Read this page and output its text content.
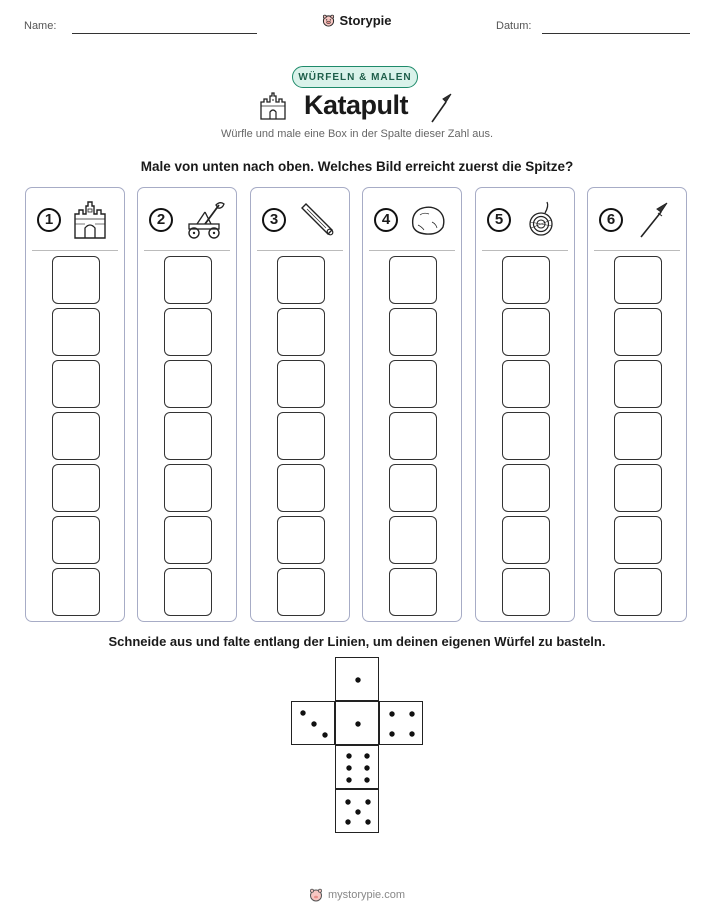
Name:	Storypie	Datum:
WÜRFELN & MALEN
Katapult
Würfle und male eine Box in der Spalte dieser Zahl aus.
Male von unten nach oben. Welches Bild erreicht zuerst die Spitze?
1	2	3	4	5	6
Schneide aus und falte entlang der Linien, um deinen eigenen Würfel zu basteln.
mystorypie.com
